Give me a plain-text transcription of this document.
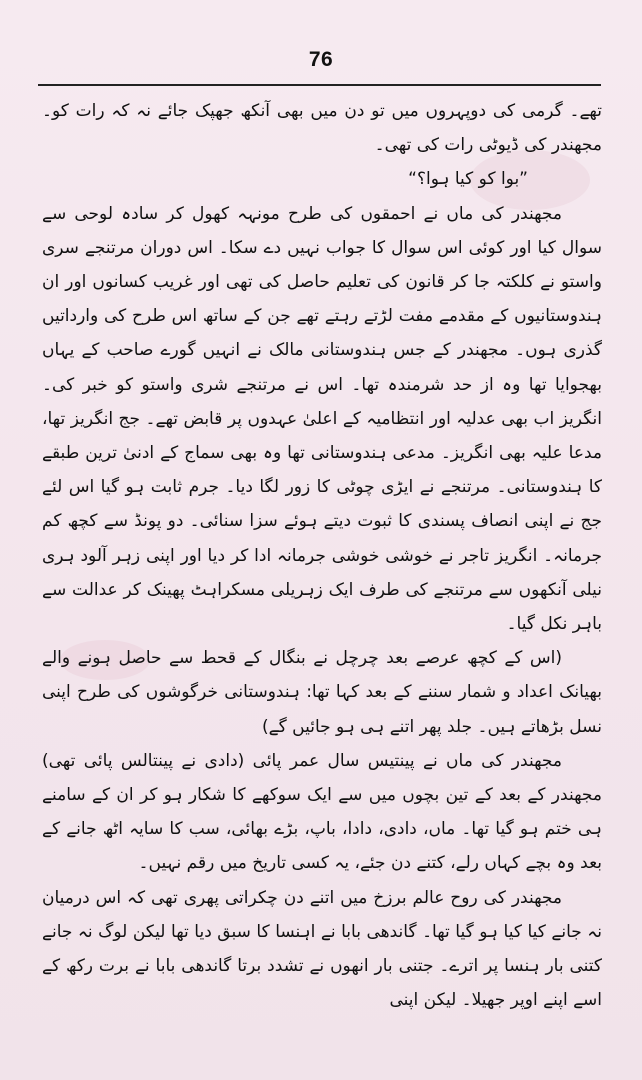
76

تھے۔ گرمی کی دوپہروں میں تو دن میں بھی آنکھ جھپک جائے نہ کہ رات کو۔ مجھندر کی ڈیوٹی رات کی تھی۔

”بوا کو کیا ہوا؟“

مجھندر کی ماں نے احمقوں کی طرح مونہہ کھول کر سادہ لوحی سے سوال کیا اور کوئی اس سوال کا جواب نہیں دے سکا۔ اس دوران مرتنجے سری واستو نے کلکتہ جا کر قانون کی تعلیم حاصل کی تھی اور غریب کسانوں اور ان ہندوستانیوں کے مقدمے مفت لڑتے رہتے تھے جن کے ساتھ اس طرح کی وارداتیں گذری ہوں۔ مجھندر کے جس ہندوستانی مالک نے انہیں گورے صاحب کے یہاں بھجوایا تھا وہ از حد شرمندہ تھا۔ اس نے مرتنجے شری واستو کو خبر کی۔ انگریز اب بھی عدلیہ اور انتظامیہ کے اعلیٰ عہدوں پر قابض تھے۔ جج انگریز تھا، مدعا علیہ بھی انگریز۔ مدعی ہندوستانی تھا وہ بھی سماج کے ادنیٰ ترین طبقے کا ہندوستانی۔ مرتنجے نے ایڑی چوٹی کا زور لگا دیا۔ جرم ثابت ہو گیا اس لئے جج نے اپنی انصاف پسندی کا ثبوت دیتے ہوئے سزا سنائی۔ دو پونڈ سے کچھ کم جرمانہ۔ انگریز تاجر نے خوشی خوشی جرمانہ ادا کر دیا اور اپنی زہر آلود ہری نیلی آنکھوں سے مرتنجے کی طرف ایک زہریلی مسکراہٹ پھینک کر عدالت سے باہر نکل گیا۔

(اس کے کچھ عرصے بعد چرچل نے بنگال کے قحط سے حاصل ہونے والے بھیانک اعداد و شمار سننے کے بعد کہا تھا: ہندوستانی خرگوشوں کی طرح اپنی نسل بڑھاتے ہیں۔ جلد پھر اتنے ہی ہو جائیں گے)

مجھندر کی ماں نے پینتیس سال عمر پائی (دادی نے پینتالس پائی تھی) مجھندر کے بعد کے تین بچوں میں سے ایک سوکھے کا شکار ہو کر ان کے سامنے ہی ختم ہو گیا تھا۔ ماں، دادی، دادا، باپ، بڑے بھائی، سب کا سایہ اٹھ جانے کے بعد وہ بچے کہاں رلے، کتنے دن جئے، یہ کسی تاریخ میں رقم نہیں۔

مجھندر کی روح عالم برزخ میں اتنے دن چکراتی پھری تھی کہ اس درمیان نہ جانے کیا کیا ہو گیا تھا۔ گاندھی بابا نے اہنسا کا سبق دیا تھا لیکن لوگ نہ جانے کتنی بار ہنسا پر اترے۔ جتنی بار انھوں نے تشدد برتا گاندھی بابا نے برت رکھ کے اسے اپنے اوپر جھیلا۔ لیکن اپنی
